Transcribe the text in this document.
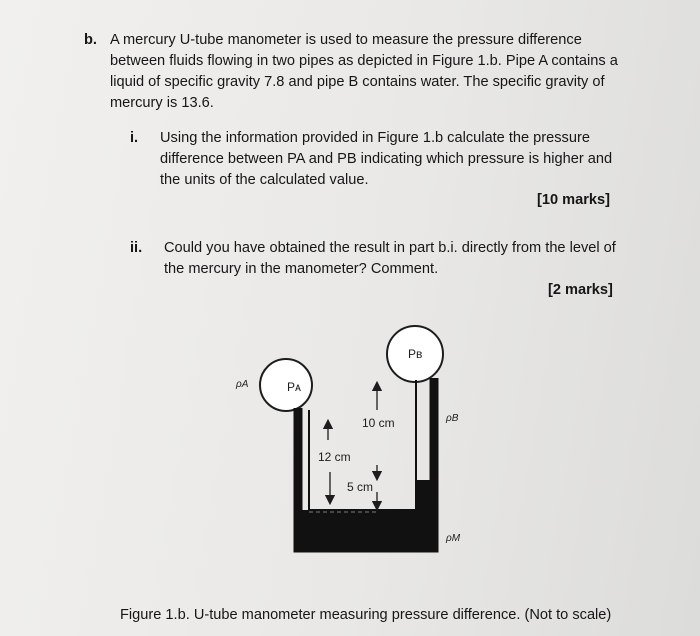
b. A mercury U-tube manometer is used to measure the pressure difference between fluids flowing in two pipes as depicted in Figure 1.b. Pipe A contains a liquid of specific gravity 7.8 and pipe B contains water. The specific gravity of mercury is 13.6.
i. Using the information provided in Figure 1.b calculate the pressure difference between PA and PB indicating which pressure is higher and the units of the calculated value.
[10 marks]
ii. Could you have obtained the result in part b.i. directly from the level of the mercury in the manometer? Comment.
[2 marks]
10 cm
12 cm
5 cm
Pᴀ
Pʙ
ρA
ρB
ρM
Figure 1.b. U-tube manometer measuring pressure difference. (Not to scale)
